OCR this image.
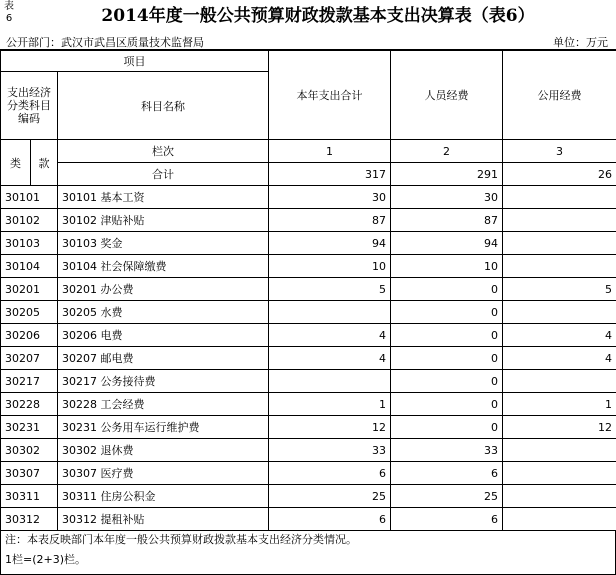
表6	2014年度一般公共预算财政拨款基本支出决算表（表6）
公开部门：武汉市武昌区质量技术监督局	单位：万元
项目			本年支出合计	人员经费	公用经费
支出经济分类科目编码		科目名称			
类	款	栏次	1	2	3
		合计	317	291	26
30101		30101 基本工资	30	30	
30102		30102 津贴补贴	87	87	
30103		30103 奖金	94	94	
30104		30104 社会保障缴费	10	10	
30201		30201 办公费	5	0	5
30205		30205 水费		0	
30206		30206 电费	4	0	4
30207		30207 邮电费	4	0	4
30217		30217 公务接待费		0	
30228		30228 工会经费	1	0	1
30231		30231 公务用车运行维护费	12	0	12
30302		30302 退休费	33	33	
30307		30307 医疗费	6	6	
30311		30311 住房公积金	25	25	
30312		30312 提租补贴	6	6	
注：本表反映部门本年度一般公共预算财政拨款基本支出经济分类情况。
1栏=(2+3)栏。
